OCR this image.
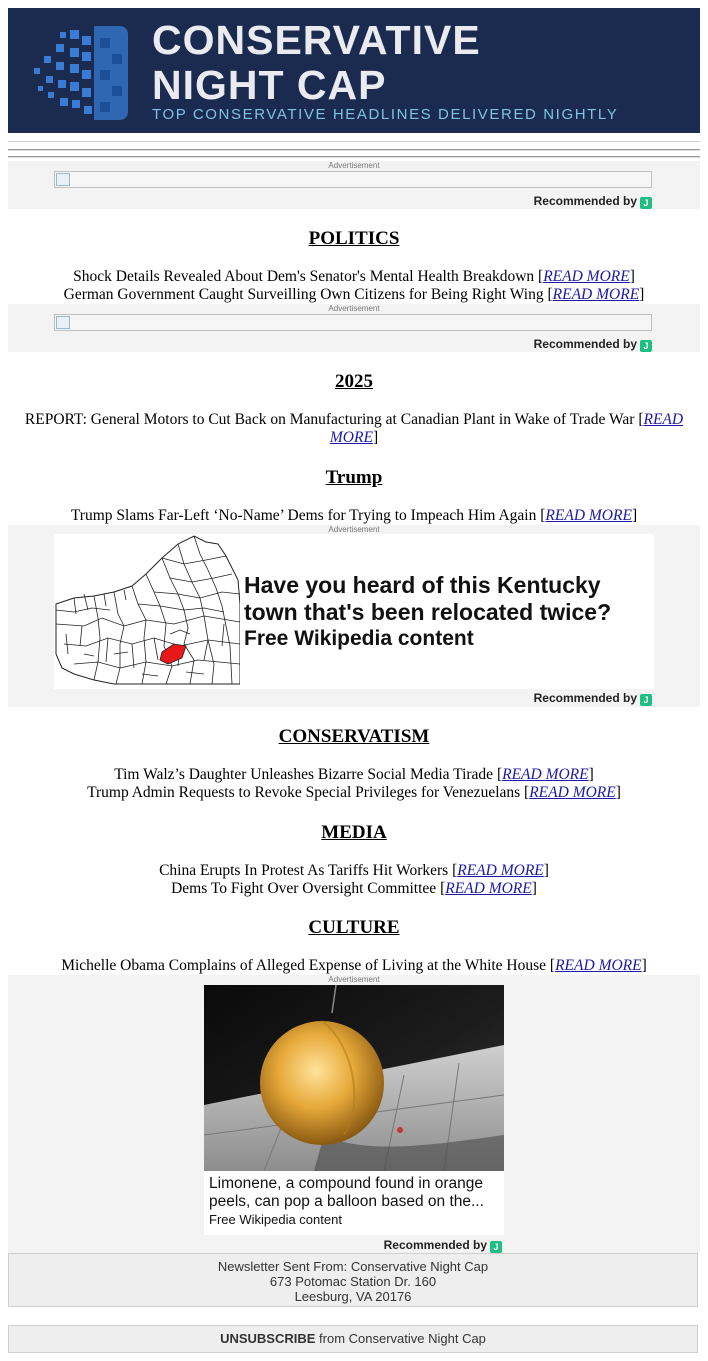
CONSERVATIVE
NIGHT CAP
TOP CONSERVATIVE HEADLINES DELIVERED NIGHTLY
Advertisement
Recommended by J
POLITICS
Shock Details Revealed About Dem's Senator's Mental Health Breakdown [READ MORE]
German Government Caught Surveilling Own Citizens for Being Right Wing [READ MORE]
Advertisement
Recommended by J
2025
REPORT: General Motors to Cut Back on Manufacturing at Canadian Plant in Wake of Trade War [READ
MORE]
Trump
Trump Slams Far-Left ‘No-Name’ Dems for Trying to Impeach Him Again [READ MORE]
Advertisement
Have you heard of this Kentucky
town that's been relocated twice?
Free Wikipedia content
Recommended by J
CONSERVATISM
Tim Walz’s Daughter Unleashes Bizarre Social Media Tirade [READ MORE]
Trump Admin Requests to Revoke Special Privileges for Venezuelans [READ MORE]
MEDIA
China Erupts In Protest As Tariffs Hit Workers [READ MORE]
Dems To Fight Over Oversight Committee [READ MORE]
CULTURE
Michelle Obama Complains of Alleged Expense of Living at the White House [READ MORE]
Advertisement
Limonene, a compound found in orange
peels, can pop a balloon based on the...
Free Wikipedia content
Recommended by J
Newsletter Sent From: Conservative Night Cap
673 Potomac Station Dr. 160
Leesburg, VA 20176
UNSUBSCRIBE from Conservative Night Cap
